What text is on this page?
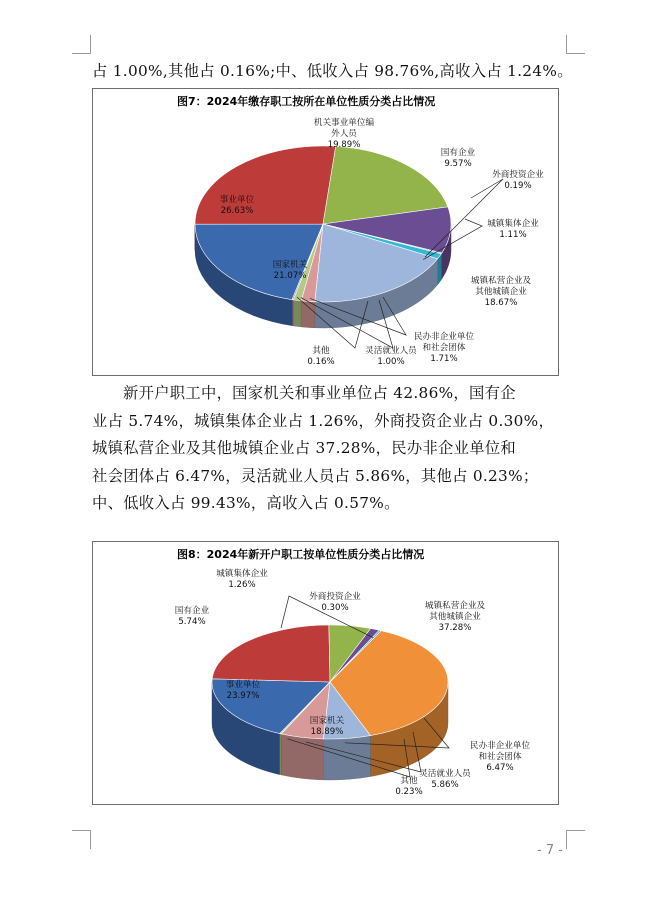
占 1.00%,其他占 0.16%;中、低收入占 98.76%,高收入占 1.24%。

图7：2024年缴存职工按所在单位性质分类占比情况
国家机关 21.07%
事业单位 26.63%
机关事业单位编外人员 19.89%
国有企业 9.57%
外商投资企业 0.19%
城镇集体企业 1.11%
城镇私营企业及其他城镇企业 18.67%
民办非企业单位和社会团体 1.71%
灵活就业人员 1.00%
其他 0.16%

新开户职工中，国家机关和事业单位占 42.86%，国有企

业占 5.74%，城镇集体企业占 1.26%，外商投资企业占 0.30%，

城镇私营企业及其他城镇企业占 37.28%，民办非企业单位和

社会团体占 6.47%，灵活就业人员占 5.86%，其他占 0.23%；

中、低收入占 99.43%，高收入占 0.57%。

图8：2024年新开户职工按单位性质分类占比情况
国家机关 18.89%
事业单位 23.97%
国有企业 5.74%
城镇集体企业 1.26%
外商投资企业 0.30%	城镇私营企业及其他城镇企业 37.28%
民办非企业单位和社会团体 6.47%
灵活就业人员 5.86%
其他 0.23%
- 7 -
